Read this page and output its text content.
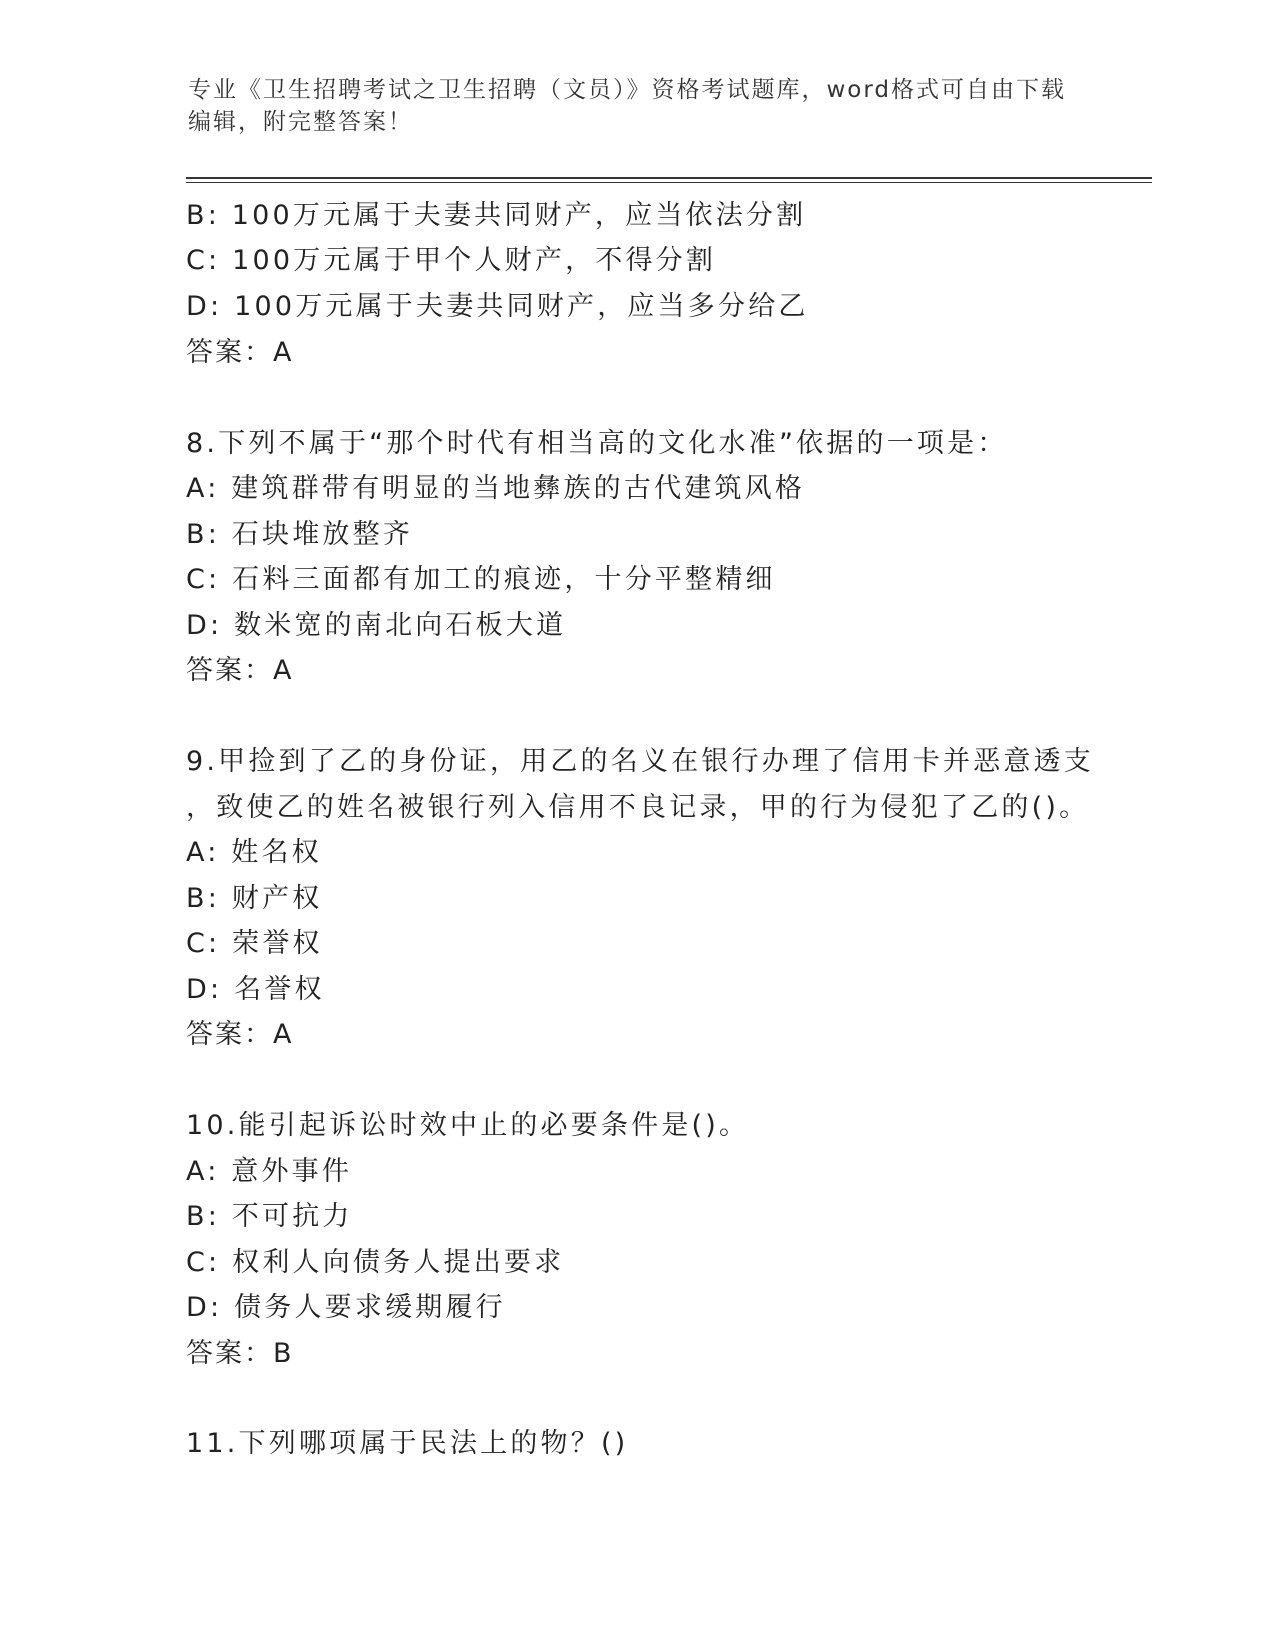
专业《卫生招聘考试之卫生招聘（文员）》资格考试题库，word格式可自由下载
编辑，附完整答案！
B: 100万元属于夫妻共同财产，应当依法分割
C: 100万元属于甲个人财产，不得分割
D: 100万元属于夫妻共同财产，应当多分给乙
答案：A
8.下列不属于“那个时代有相当高的文化水准”依据的一项是：
A: 建筑群带有明显的当地彝族的古代建筑风格
B: 石块堆放整齐
C: 石料三面都有加工的痕迹，十分平整精细
D: 数米宽的南北向石板大道
答案：A
9.甲捡到了乙的身份证，用乙的名义在银行办理了信用卡并恶意透支
，致使乙的姓名被银行列入信用不良记录，甲的行为侵犯了乙的()。
A: 姓名权
B: 财产权
C: 荣誉权
D: 名誉权
答案：A
10.能引起诉讼时效中止的必要条件是()。
A: 意外事件
B: 不可抗力
C: 权利人向债务人提出要求
D: 债务人要求缓期履行
答案：B
11.下列哪项属于民法上的物？()
